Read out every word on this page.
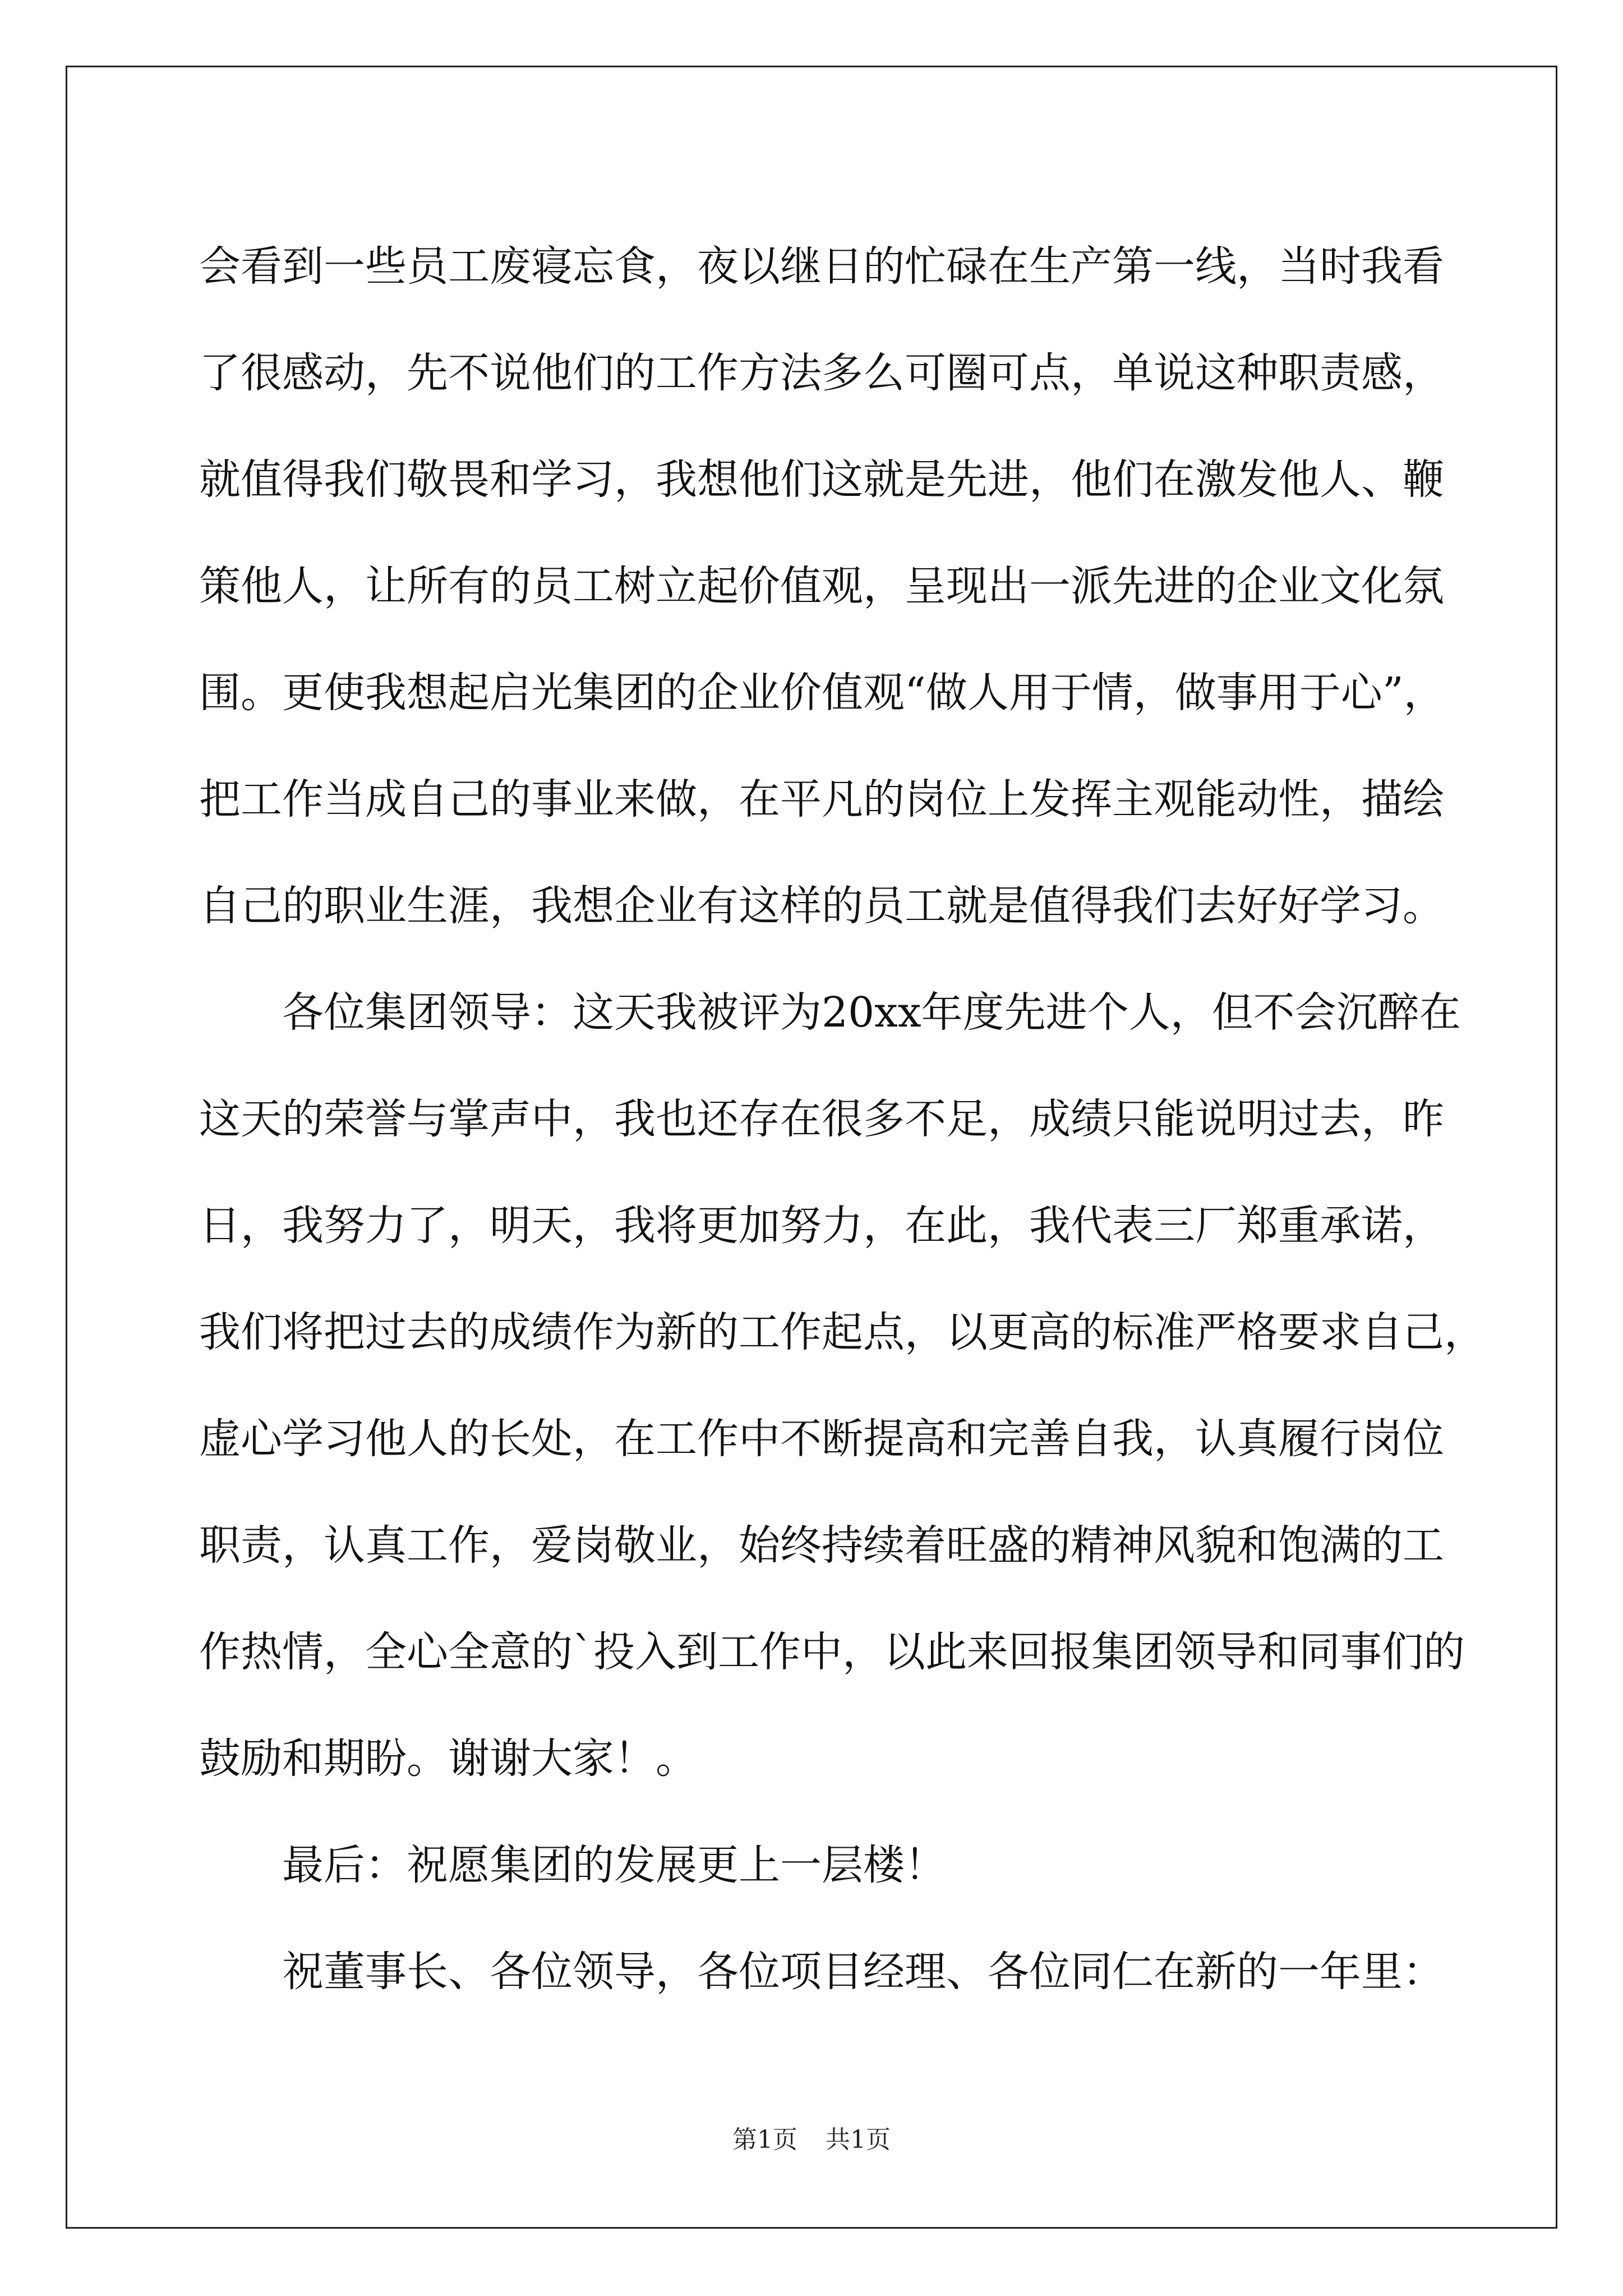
会看到一些员工废寝忘食，夜以继日的忙碌在生产第一线，当时我看

了很感动，先不说他们的工作方法多么可圈可点，单说这种职责感，

就值得我们敬畏和学习，我想他们这就是先进，他们在激发他人、鞭

策他人，让所有的员工树立起价值观，呈现出一派先进的企业文化氛

围。更使我想起启光集团的企业价值观“做人用于情，做事用于心”，

把工作当成自己的事业来做，在平凡的岗位上发挥主观能动性，描绘

自己的职业生涯，我想企业有这样的员工就是值得我们去好好学习。

各位集团领导：这天我被评为20xx年度先进个人，但不会沉醉在

这天的荣誉与掌声中，我也还存在很多不足，成绩只能说明过去，昨

日，我努力了，明天，我将更加努力，在此，我代表三厂郑重承诺，

我们将把过去的成绩作为新的工作起点，以更高的标准严格要求自己，

虚心学习他人的长处，在工作中不断提高和完善自我，认真履行岗位

职责，认真工作，爱岗敬业，始终持续着旺盛的精神风貌和饱满的工

作热情，全心全意的`投入到工作中，以此来回报集团领导和同事们的

鼓励和期盼。谢谢大家！。

最后：祝愿集团的发展更上一层楼！

祝董事长、各位领导，各位项目经理、各位同仁在新的一年里：

第1页 共1页
